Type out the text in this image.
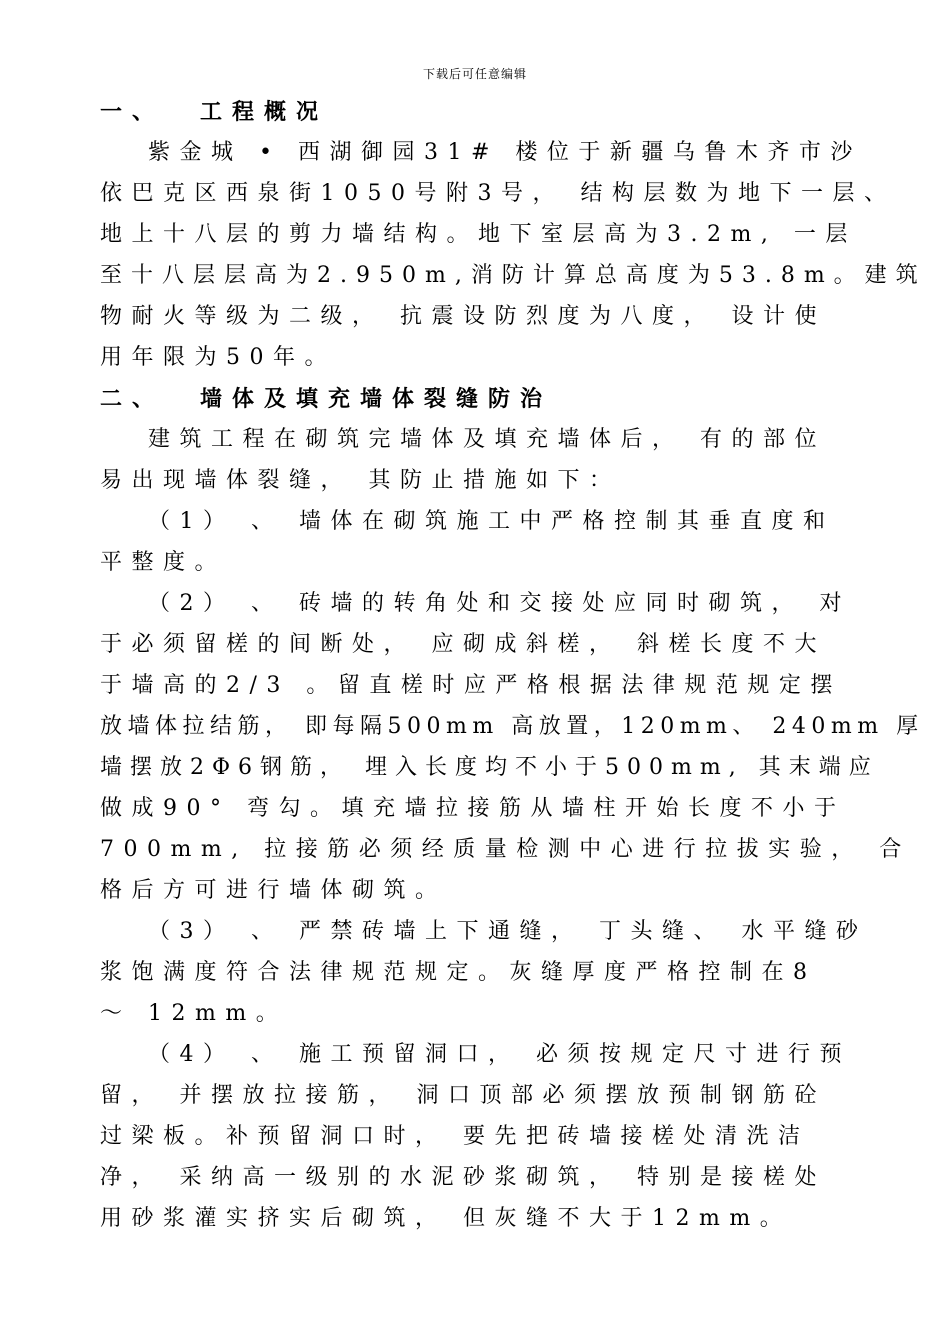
下载后可任意编辑
一、 工程概况
紫金城 • 西湖御园31# 楼位于新疆乌鲁木齐市沙
依巴克区西泉街1050号附3号， 结构层数为地下一层、
地上十八层的剪力墙结构。地下室层高为3.2m, 一层
至十八层层高为2.950m,消防计算总高度为53.8m。建筑
物耐火等级为二级， 抗震设防烈度为八度， 设计使
用年限为50年。
二、 墙体及填充墙体裂缝防治
建筑工程在砌筑完墙体及填充墙体后， 有的部位
易出现墙体裂缝， 其防止措施如下：
（1） 、 墙体在砌筑施工中严格控制其垂直度和
平整度。
（2） 、 砖墙的转角处和交接处应同时砌筑， 对
于必须留槎的间断处， 应砌成斜槎， 斜槎长度不大
于墙高的2/3 。留直槎时应严格根据法律规范规定摆
放墙体拉结筋， 即每隔500mm 高放置，120mm、 240mm 厚
墙摆放2Φ6钢筋， 埋入长度均不小于500mm, 其末端应
做成90° 弯勾。填充墙拉接筋从墙柱开始长度不小于
700mm, 拉接筋必须经质量检测中心进行拉拔实验， 合
格后方可进行墙体砌筑。
（3） 、 严禁砖墙上下通缝， 丁头缝、 水平缝砂
浆饱满度符合法律规范规定。灰缝厚度严格控制在8
～ 12mm。
（4） 、 施工预留洞口， 必须按规定尺寸进行预
留， 并摆放拉接筋， 洞口顶部必须摆放预制钢筋砼
过梁板。补预留洞口时， 要先把砖墙接槎处清洗洁
净， 采纳高一级别的水泥砂浆砌筑， 特别是接槎处
用砂浆灌实挤实后砌筑， 但灰缝不大于12mm。
